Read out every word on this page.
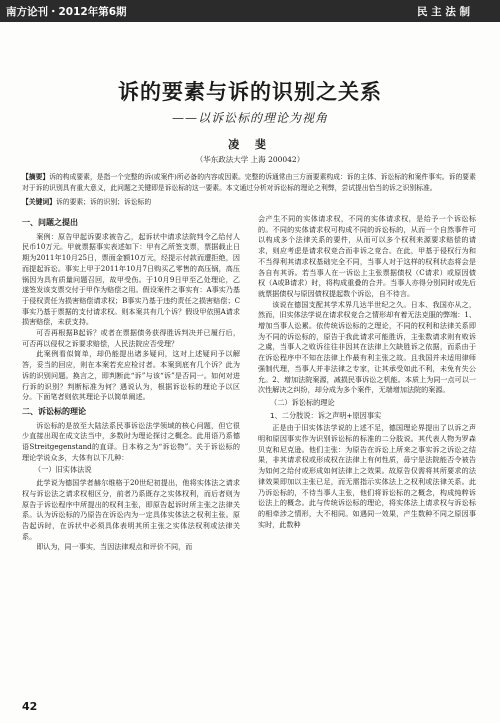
南方论刊・2012年第6期	民 主 法 制
诉的要素与诉的识别之关系
——以诉讼标的理论为视角
凌 斐
（华东政法大学 上海 200042）
【摘要】诉的构成要素，是指一个完整的诉(或案件)所必备的内容或因素。完整的诉通常由三方面要素构成：诉的主体、诉讼标的和案件事实。诉的要素对于诉的识别具有重大意义，此问题之关键即是诉讼标的这一要素。本文通过分析对诉讼标的理论之利弊，尝试提出恰当的诉之识别标准。
【关键词】诉的要素；诉的识别；诉讼标的
一、问题之提出

案例：原告甲起诉要求被告乙，起诉状中请求法院判令乙给付人民币10万元。甲就票据事实表述如下：甲有乙所签支票，票据载止日期为2011年10月25日，票面金额10万元，经提示付款而遭拒绝，因而提起诉讼。事实上甲于2011年10月7日购买乙零售的高压锅，高压锅因为具有质量问题召回，故甲受伤。于10月9日甲至乙处理论，乙遂签发该支票交付于甲作为赔偿之用。假设案件之事实有：A事实乃基于侵权责任为损害赔偿请求权；B事实乃基于违约责任之损害赔偿；C事实乃基于票据的支付请求权。则本案共有几个诉？假设甲依照A请求损害赔偿，未获支持。

可否再根据B起诉？或者在票据债务获得胜诉判决并已履行后，可否再以侵权之诉要求赔偿，人民法院应否受理？

此案例看似简单，却仍能提出诸多疑问，这对上述疑问予以解答，妥当的回应，则在本案若充应检讨者。本案到底有几个诉？此为诉的识别问题。换言之，即判断此“诉”与该“诉”是否同一。如何对进行诉的识别？判断标准为何？遇说认为，根据诉讼标的理论予以区分。下面笔者则依其理论予以简单阐述。

二、诉讼标的理论

诉讼标的是放至大陆法系民事诉讼法学领域的核心问题，但它很少直接出现在成文法当中，多数时为理论探讨之概念。此用语乃系德语Streitgegenstand的直译。日本称之为“诉讼物”。关于诉讼标的理论学说众多，大体有以下几种：

（一）旧实体法说

此学说为德国学者赫尔维格于20世纪初提出，他将实体法之请求权与诉讼法之请求权相区分，前者乃系既存之实体权利，而后者则为原告于诉讼程序中所提出的权利主张，即原告起诉时所主张之法律关系。认为诉讼标的乃原告在诉讼内为一定具体实体法之权利主张。原告起诉时，在诉状中必须具体表明其所主张之实体法权利或法律关系。

即认为，同一事实，当因法律观点和评价不同，而

会产生不同的实体请求权，不同的实体请求权，是给予一个诉讼标的。不同的实体请求权可构成不同的诉讼标的，从而一个自然事件可以构成多个法律关系的要件，从而可以多个权利来源要求赔偿的请求，则应考虑是请求权竞合而非诉之竞合。在此，甲基于侵权行为和不当得利其请求权基础完全不同，当事人对于这样的权利状态将会是各自有其诉。若当事人在一诉讼上主张票据债权（C请求）或原因债权（A或B请求）时，将构成重叠的合并。当事人亦得分别同时或先后就票据债权与原因债权提起数个诉讼，自不待言。

该说在德国支配其学术界几达半世纪之久。日本、我国亦从之，然而，旧实体法学说在请求权竞合之情形却有着无法克服的弊端：1、增加当事人讼累。依传统诉讼标的之理论，不同的权利和法律关系即为不同的诉讼标的，原告于我此请求可能胜诉，主张数请求则有败诉之虞，当事人之败诉往往非因其在法律上欠缺胜诉之依据，而系由于在诉讼程序中不知在法律上作最有利主张之故。且我国并未适用律师强制代理，当事人并非法律之专家，让其承受如此不利，未免有失公允。2、增加法院案源，减损民事诉讼之机能。本质上为同一点可以一次性解决之纠纷，却分成为多个案件，无端增加法院的案源。

（二）诉讼标的理论
1、二分肢说：诉之声明+原因事实

正是由于旧实体法学说的上述不足，德国理论界提出了以诉之声明和原因事实作为识别诉讼标的标准的二分肢说。其代表人物为罗森贝克和尼克逊。他们主张：为原告在诉讼上所来之事实诉之诉讼之结果，非其请求权或形成权在法律上有何性质，毋宁是法院能否令被告为如何之给付或形成如何法律上之效果。故原告仅需将其所要求的法律效果即加以主张已足，而无需指示实体法上之权利或法律关系。此乃诉讼标的，不待当事人主张，他们将诉讼标的之概念，构成纯粹诉讼法上的概念。此与传统诉讼标的理论，将实体法上请求权与诉讼标的相牵涉之情形，大不相同。如遇同一效果，产生数种不同之原因事实时，此数种

42
